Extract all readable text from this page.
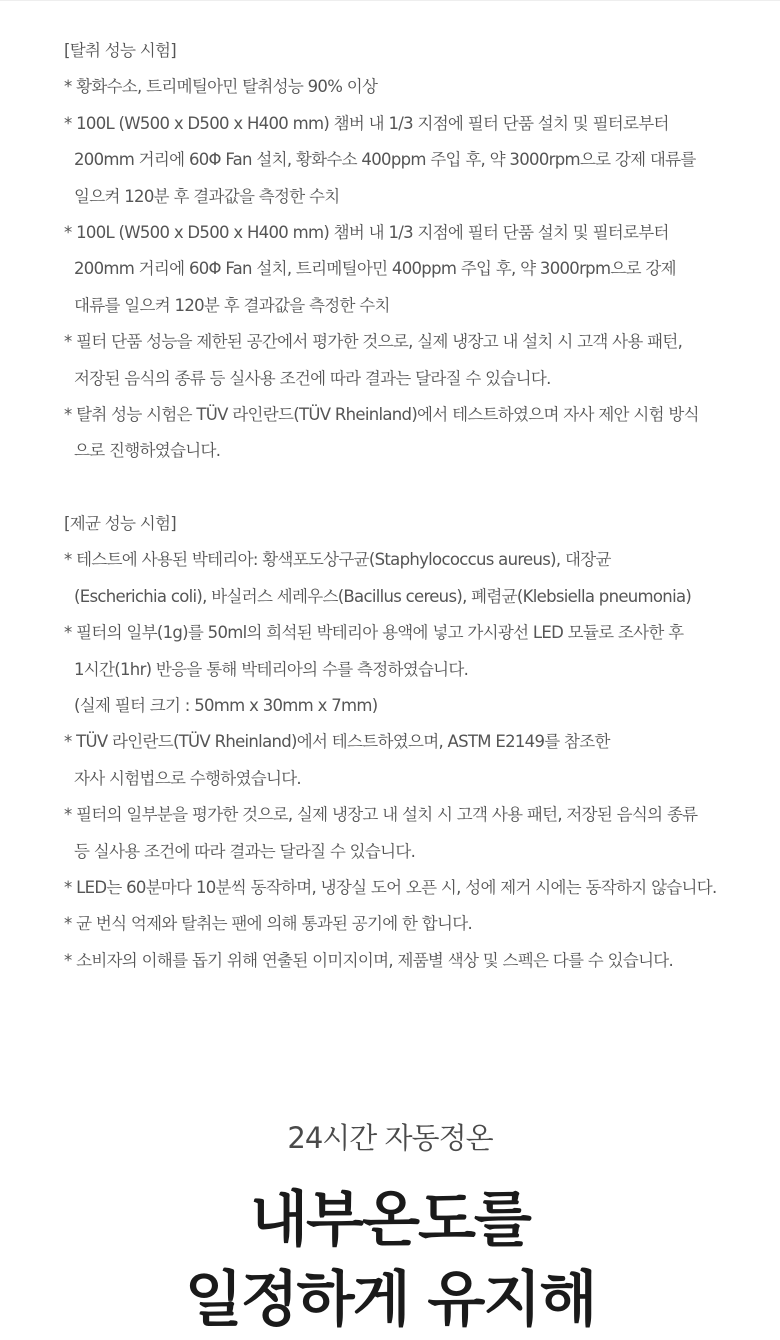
[탈취 성능 시험]
* 황화수소, 트리메틸아민 탈취성능 90% 이상
* 100L (W500 x D500 x H400 mm) 챔버 내 1/3 지점에 필터 단품 설치 및 필터로부터
200mm 거리에 60Φ Fan 설치, 황화수소 400ppm 주입 후, 약 3000rpm으로 강제 대류를
일으켜 120분 후 결과값을 측정한 수치
* 100L (W500 x D500 x H400 mm) 챔버 내 1/3 지점에 필터 단품 설치 및 필터로부터
200mm 거리에 60Φ Fan 설치, 트리메틸아민 400ppm 주입 후, 약 3000rpm으로 강제
대류를 일으켜 120분 후 결과값을 측정한 수치
* 필터 단품 성능을 제한된 공간에서 평가한 것으로, 실제 냉장고 내 설치 시 고객 사용 패턴,
저장된 음식의 종류 등 실사용 조건에 따라 결과는 달라질 수 있습니다.
* 탈취 성능 시험은 TÜV 라인란드(TÜV Rheinland)에서 테스트하였으며 자사 제안 시험 방식
으로 진행하였습니다.
[제균 성능 시험]
* 테스트에 사용된 박테리아: 황색포도상구균(Staphylococcus aureus), 대장균
(Escherichia coli), 바실러스 세레우스(Bacillus cereus), 폐렴균(Klebsiella pneumonia)
* 필터의 일부(1g)를 50ml의 희석된 박테리아 용액에 넣고 가시광선 LED 모듈로 조사한 후
1시간(1hr) 반응을 통해 박테리아의 수를 측정하였습니다.
(실제 필터 크기 : 50mm x 30mm x 7mm)
* TÜV 라인란드(TÜV Rheinland)에서 테스트하였으며, ASTM E2149를 참조한
자사 시험법으로 수행하였습니다.
* 필터의 일부분을 평가한 것으로, 실제 냉장고 내 설치 시 고객 사용 패턴, 저장된 음식의 종류
등 실사용 조건에 따라 결과는 달라질 수 있습니다.
* LED는 60분마다 10분씩 동작하며, 냉장실 도어 오픈 시, 성에 제거 시에는 동작하지 않습니다.
* 균 번식 억제와 탈취는 팬에 의해 통과된 공기에 한 합니다.
* 소비자의 이해를 돕기 위해 연출된 이미지이며, 제품별 색상 및 스펙은 다를 수 있습니다.
24시간 자동정온
내부온도를
일정하게 유지해
